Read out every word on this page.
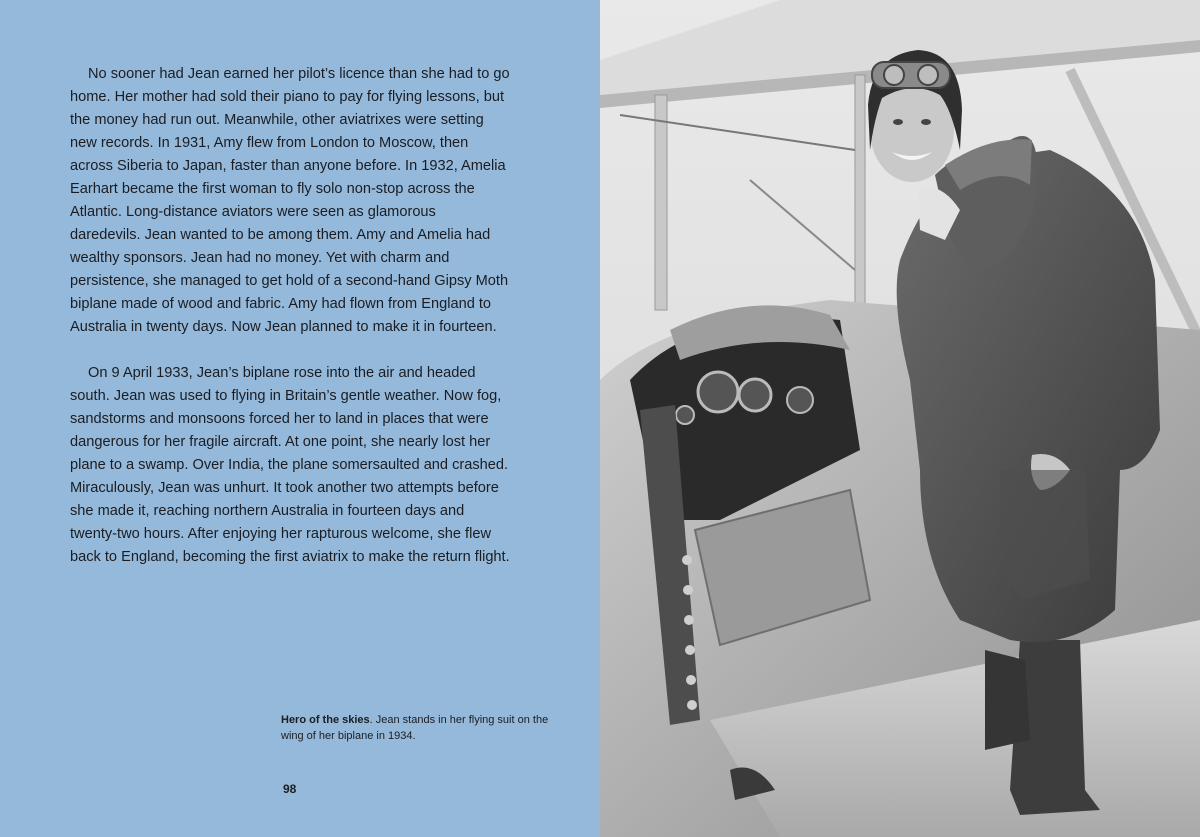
No sooner had Jean earned her pilot’s licence than she had to go home. Her mother had sold their piano to pay for flying lessons, but the money had run out. Meanwhile, other aviatrixes were setting new records. In 1931, Amy flew from London to Moscow, then across Siberia to Japan, faster than anyone before. In 1932, Amelia Earhart became the first woman to fly solo non-stop across the Atlantic. Long-distance aviators were seen as glamorous daredevils. Jean wanted to be among them. Amy and Amelia had wealthy sponsors. Jean had no money. Yet with charm and persistence, she managed to get hold of a second-hand Gipsy Moth biplane made of wood and fabric. Amy had flown from England to Australia in twenty days. Now Jean planned to make it in fourteen.

On 9 April 1933, Jean’s biplane rose into the air and headed south. Jean was used to flying in Britain’s gentle weather. Now fog, sandstorms and monsoons forced her to land in places that were dangerous for her fragile aircraft. At one point, she nearly lost her plane to a swamp. Over India, the plane somersaulted and crashed. Miraculously, Jean was unhurt. It took another two attempts before she made it, reaching northern Australia in fourteen days and twenty-two hours. After enjoying her rapturous welcome, she flew back to England, becoming the first aviatrix to make the return flight.

Hero of the skies. Jean stands in her flying suit on the wing of her biplane in 1934.
98
